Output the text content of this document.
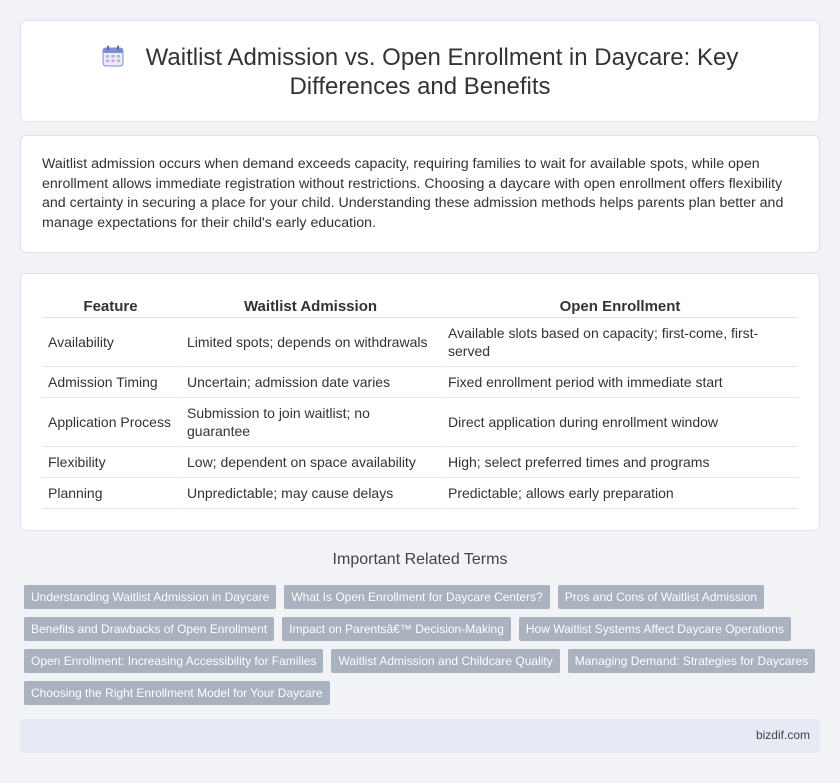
Waitlist Admission vs. Open Enrollment in Daycare: Key Differences and Benefits

Waitlist admission occurs when demand exceeds capacity, requiring families to wait for available spots, while open enrollment allows immediate registration without restrictions. Choosing a daycare with open enrollment offers flexibility and certainty in securing a place for your child. Understanding these admission methods helps parents plan better and manage expectations for their child's early education.

Feature	Waitlist Admission	Open Enrollment
Availability	Limited spots; depends on withdrawals	Available slots based on capacity; first-come, first-served
Admission Timing	Uncertain; admission date varies	Fixed enrollment period with immediate start
Application Process	Submission to join waitlist; no guarantee	Direct application during enrollment window
Flexibility	Low; dependent on space availability	High; select preferred times and programs
Planning	Unpredictable; may cause delays	Predictable; allows early preparation
Important Related Terms
Understanding Waitlist Admission in Daycare	What Is Open Enrollment for Daycare Centers?	Pros and Cons of Waitlist Admission
Benefits and Drawbacks of Open Enrollment	Impact on Parentsâ€™ Decision-Making	How Waitlist Systems Affect Daycare Operations
Open Enrollment: Increasing Accessibility for Families	Waitlist Admission and Childcare Quality	Managing Demand: Strategies for Daycares
Choosing the Right Enrollment Model for Your Daycare
bizdif.com
